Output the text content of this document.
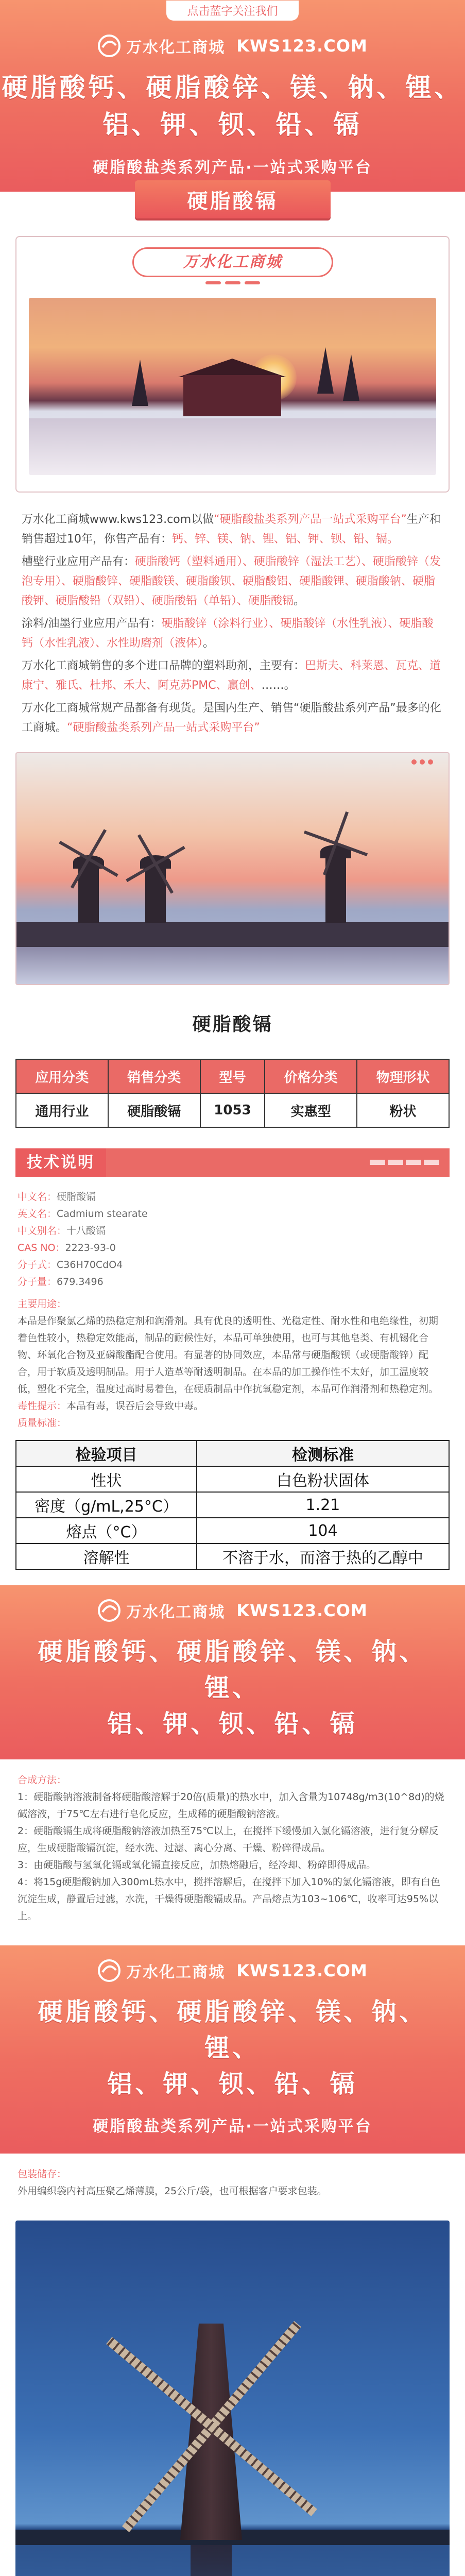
点击蓝字关注我们
万水化工商城 KWS123.COM
硬脂酸钙、硬脂酸锌、镁、钠、锂、
铝、钾、钡、铅、镉
硬脂酸盐类系列产品·一站式采购平台
硬脂酸镉
万水化工商城

万水化工商城www.kws123.com以做“硬脂酸盐类系列产品一站式采购平台”生产和销售超过10年，你售产品有：钙、锌、镁、钠、锂、铝、钾、钡、铅、镉。

槽壁行业应用产品有：硬脂酸钙（塑料通用）、硬脂酸锌（湿法工艺）、硬脂酸锌（发泡专用）、硬脂酸锌、硬脂酸镁、硬脂酸钡、硬脂酸铝、硬脂酸锂、硬脂酸钠、硬脂酸钾、硬脂酸铅（双铅）、硬脂酸铅（单铅）、硬脂酸镉。

涂料/油墨行业应用产品有：硬脂酸锌（涂料行业）、硬脂酸锌（水性乳液）、硬脂酸钙（水性乳液）、水性助磨剂（液体）。

万水化工商城销售的多个进口品牌的塑料助剂，主要有：巴斯夫、科莱恩、瓦克、道康宁、雅氏、杜邦、禾大、阿克苏PMC、赢创、……。

万水化工商城常规产品都备有现货。是国内生产、销售“硬脂酸盐系列产品”最多的化工商城。“硬脂酸盐类系列产品一站式采购平台”

硬脂酸镉
应用分类	销售分类	型号	价格分类	物理形状
通用行业	硬脂酸镉	1053	实惠型	粉状
技术说明
中文名：硬脂酸镉
英文名：Cadmium stearate
中文别名：十八酸镉
CAS NO：2223-93-0
分子式：C36H70CdO4
分子量：679.3496
主要用途：
本品是作聚氯乙烯的热稳定剂和润滑剂。具有优良的透明性、光稳定性、耐水性和电绝缘性，初期着色性较小，热稳定效能高，制品的耐候性好，本品可单独使用，也可与其他皂类、有机锡化合物、环氧化合物及亚磷酸酯配合使用。有显著的协同效应，本品常与硬脂酸钡（或硬脂酸锌）配合，用于软质及透明制品。用于人造革等耐透明制品。在本品的加工操作性不太好，加工温度较低，塑化不完全，温度过高时易着色，在硬质制品中作抗氧稳定剂，本品可作润滑剂和热稳定剂。
毒性提示：本品有毒，误吞后会导致中毒。
质量标准：
检验项目	检测标准
性状	白色粉状固体
密度（g/mL,25°C）	1.21
熔点（°C）	104
溶解性	不溶于水，而溶于热的乙醇中
万水化工商城 KWS123.COM
硬脂酸钙、硬脂酸锌、镁、钠、锂、
铝、钾、钡、铅、镉
合成方法：

1：硬脂酸钠溶液制备将硬脂酸溶解于20倍(质量)的热水中，加入含量为10748g/m3(10^8d)的烧碱溶液，于75℃左右进行皂化反应，生成稀的硬脂酸钠溶液。

2：硬脂酸镉生成将硬脂酸钠溶液加热至75℃以上，在搅拌下缓慢加入氯化镉溶液，进行复分解反应，生成硬脂酸镉沉淀，经水洗、过滤、离心分离、干燥、粉碎得成品。

3：由硬脂酸与氢氧化镉或氧化镉直接反应，加热熔融后，经冷却、粉碎即得成品。

4：将15g硬脂酸钠加入300mL热水中，搅拌溶解后，在搅拌下加入10%的氯化镉溶液，即有白色沉淀生成，静置后过滤，水洗，干燥得硬脂酸镉成品。产品熔点为103~106℃，收率可达95%以上。

万水化工商城 KWS123.COM
硬脂酸钙、硬脂酸锌、镁、钠、锂、
铝、钾、钡、铅、镉
硬脂酸盐类系列产品·一站式采购平台
包装储存：

外用编织袋内衬高压聚乙烯薄膜，25公斤/袋，也可根据客户要求包装。
